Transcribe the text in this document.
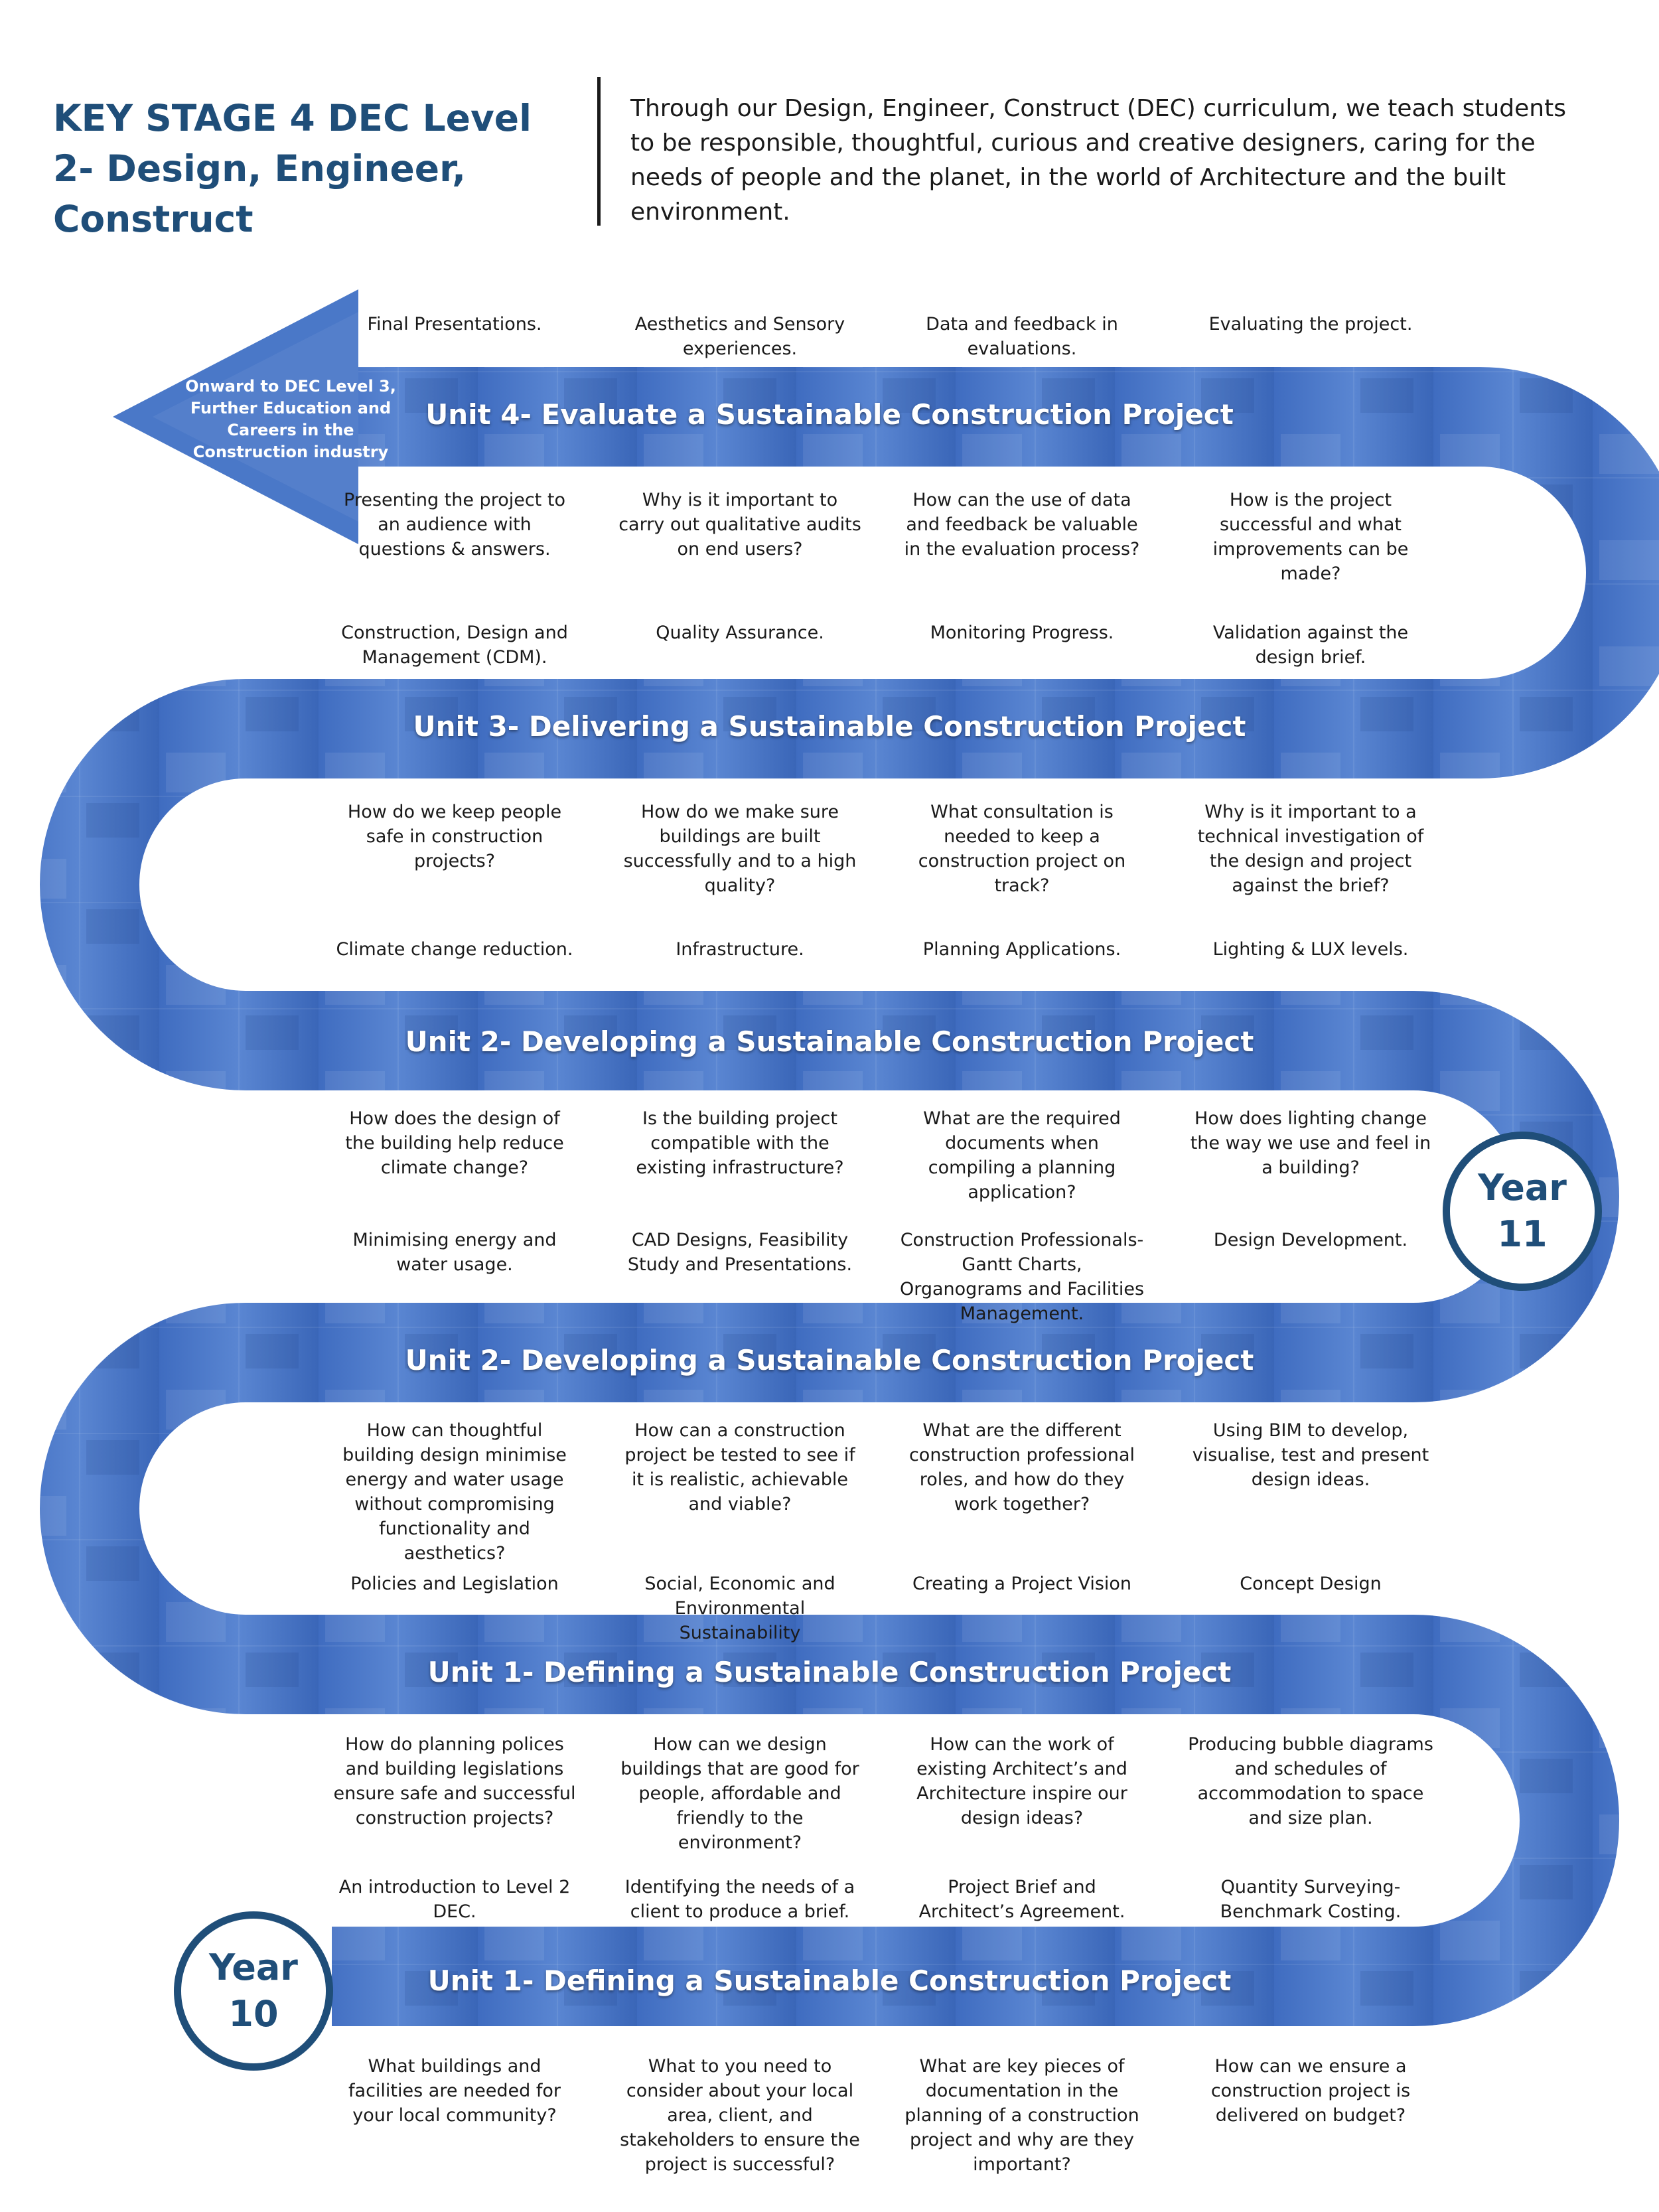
KEY STAGE 4 DEC Level 2- Design, Engineer, Construct
Through our Design, Engineer, Construct (DEC) curriculum, we teach students to be responsible, thoughtful, curious and creative designers, caring for the needs of people and the planet, in the world of Architecture and the built environment.
Onward to DEC Level 3, Further Education and Careers in the Construction industry
Unit 4- Evaluate a Sustainable Construction Project
Final Presentations.
Presenting the project to an audience with questions & answers.
Aesthetics and Sensory experiences.
Why is it important to carry out qualitative audits on end users?
Data and feedback in evaluations.
How can the use of data and feedback be valuable in the evaluation process?
Evaluating the project.
How is the project successful and what improvements can be made?
Unit 3- Delivering a Sustainable Construction Project
Construction, Design and Management (CDM).
How do we keep people safe in construction projects?
Quality Assurance.
How do we make sure buildings are built successfully and to a high quality?
Monitoring Progress.
What consultation is needed to keep a construction project on track?
Validation against the design brief.
Why is it important to a technical investigation of the design and project against the brief?
Unit 2- Developing a Sustainable Construction Project
Climate change reduction.
How does the design of the building help reduce climate change?
Infrastructure.
Is the building project compatible with the existing infrastructure?
Planning Applications.
What are the required documents when compiling a planning application?
Lighting & LUX levels.
How does lighting change the way we use and feel in a building?
Unit 2- Developing a Sustainable Construction Project
Minimising energy and water usage.
How can thoughtful building design minimise energy and water usage without compromising functionality and aesthetics?
CAD Designs, Feasibility Study and Presentations.
How can a construction project be tested to see if it is realistic, achievable and viable?
Construction Professionals- Gantt Charts, Organograms and Facilities Management.
What are the different construction professional roles, and how do they work together?
Design Development.
Using BIM to develop, visualise, test and present design ideas.
Unit 1- Defining a Sustainable Construction Project
Policies and Legislation
How do planning polices and building legislations ensure safe and successful construction projects?
Social, Economic and Environmental Sustainability
How can we design buildings that are good for people, affordable and friendly to the environment?
Creating a Project Vision
How can the work of existing Architect’s and Architecture inspire our design ideas?
Concept Design
Producing bubble diagrams and schedules of accommodation to space and size plan.
Unit 1- Defining a Sustainable Construction Project
An introduction to Level 2 DEC.
What buildings and facilities are needed for your local community?
Identifying the needs of a client to produce a brief.
What to you need to consider about your local area, client, and stakeholders to ensure the project is successful?
Project Brief and Architect’s Agreement.
What are key pieces of documentation in the planning of a construction project and why are they important?
Quantity Surveying- Benchmark Costing.
How can we ensure a construction project is delivered on budget?
Year
11
Year
10
